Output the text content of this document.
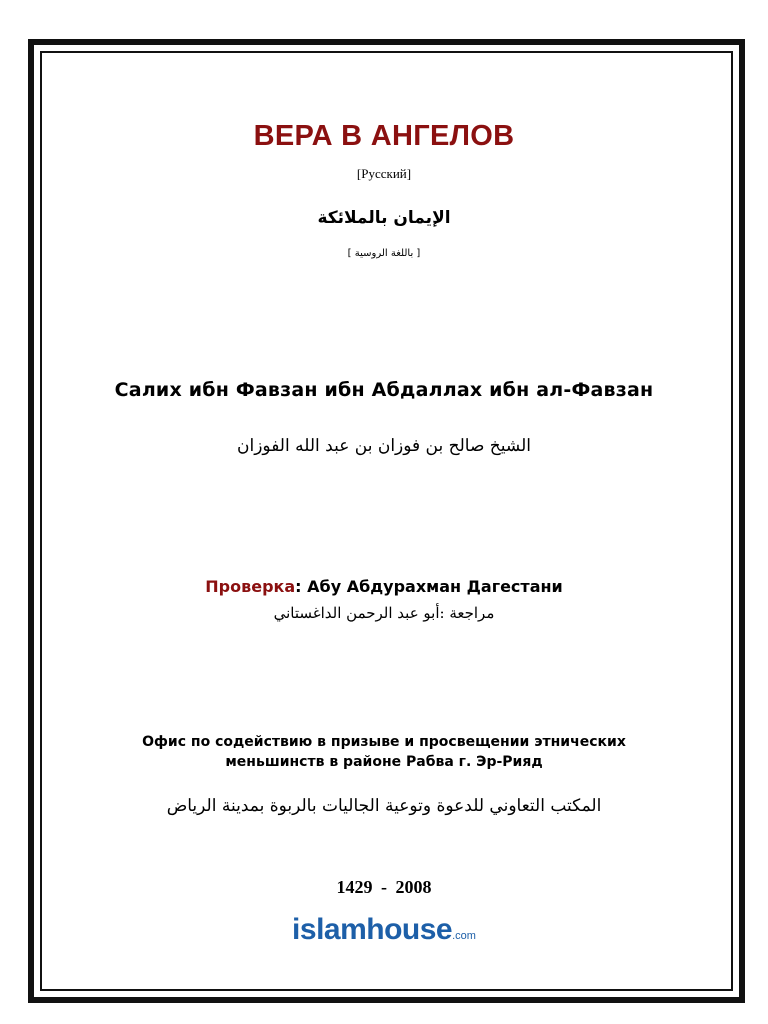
ВЕРА В АНГЕЛОВ
[Русский]
الإيمان بالملائكة
[ باللغة الروسية ]
Салих ибн Фавзан ибн Абдаллах ибн ал-Фавзан
الشيخ صالح بن فوزان بن عبد الله الفوزان
Проверка: Абу Абдурахман Дагестани
مراجعة :أبو عبد الرحمن الداغستاني
Офис по содействию в призыве и просвещении этнических
меньшинств в районе Рабва г. Эр-Рияд
المكتب التعاوني للدعوة وتوعية الجاليات بالربوة بمدينة الرياض
1429 - 2008
islamhouse.com
